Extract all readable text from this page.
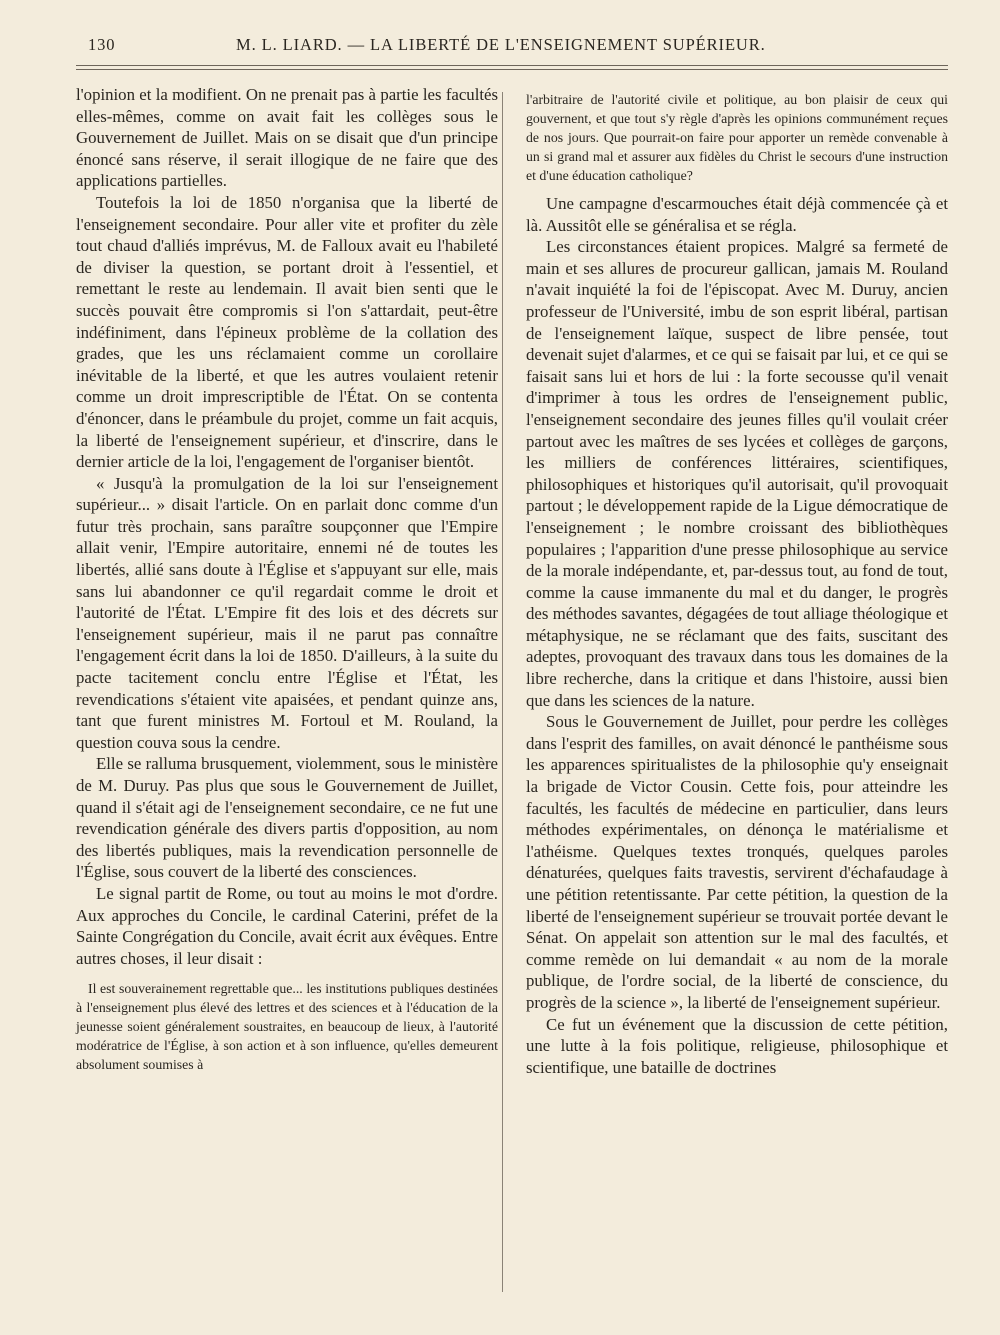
130	M. L. LIARD. — LA LIBERTÉ DE L'ENSEIGNEMENT SUPÉRIEUR.

l'opinion et la modifient. On ne prenait pas à partie les facultés elles-mêmes, comme on avait fait les collèges sous le Gouvernement de Juillet. Mais on se disait que d'un principe énoncé sans réserve, il serait illogique de ne faire que des applications partielles.

Toutefois la loi de 1850 n'organisa que la liberté de l'enseignement secondaire. Pour aller vite et profiter du zèle tout chaud d'alliés imprévus, M. de Falloux avait eu l'habileté de diviser la question, se portant droit à l'essentiel, et remettant le reste au lendemain. Il avait bien senti que le succès pouvait être compromis si l'on s'attardait, peut-être indéfiniment, dans l'épineux problème de la collation des grades, que les uns réclamaient comme un corollaire inévitable de la liberté, et que les autres voulaient retenir comme un droit imprescriptible de l'État. On se contenta d'énoncer, dans le préambule du projet, comme un fait acquis, la liberté de l'enseignement supérieur, et d'inscrire, dans le dernier article de la loi, l'engagement de l'organiser bientôt.

« Jusqu'à la promulgation de la loi sur l'enseignement supérieur... » disait l'article. On en parlait donc comme d'un futur très prochain, sans paraître soupçonner que l'Empire allait venir, l'Empire autoritaire, ennemi né de toutes les libertés, allié sans doute à l'Église et s'appuyant sur elle, mais sans lui abandonner ce qu'il regardait comme le droit et l'autorité de l'État. L'Empire fit des lois et des décrets sur l'enseignement supérieur, mais il ne parut pas connaître l'engagement écrit dans la loi de 1850. D'ailleurs, à la suite du pacte tacitement conclu entre l'Église et l'État, les revendications s'étaient vite apaisées, et pendant quinze ans, tant que furent ministres M. Fortoul et M. Rouland, la question couva sous la cendre.

Elle se ralluma brusquement, violemment, sous le ministère de M. Duruy. Pas plus que sous le Gouvernement de Juillet, quand il s'était agi de l'enseignement secondaire, ce ne fut une revendication générale des divers partis d'opposition, au nom des libertés publiques, mais la revendication personnelle de l'Église, sous couvert de la liberté des consciences.

Le signal partit de Rome, ou tout au moins le mot d'ordre. Aux approches du Concile, le cardinal Caterini, préfet de la Sainte Congrégation du Concile, avait écrit aux évêques. Entre autres choses, il leur disait :

Il est souverainement regrettable que... les institutions publiques destinées à l'enseignement plus élevé des lettres et des sciences et à l'éducation de la jeunesse soient généralement soustraites, en beaucoup de lieux, à l'autorité modératrice de l'Église, à son action et à son influence, qu'elles demeurent absolument soumises à

l'arbitraire de l'autorité civile et politique, au bon plaisir de ceux qui gouvernent, et que tout s'y règle d'après les opinions communément reçues de nos jours. Que pourrait-on faire pour apporter un remède convenable à un si grand mal et assurer aux fidèles du Christ le secours d'une instruction et d'une éducation catholique?

Une campagne d'escarmouches était déjà commencée çà et là. Aussitôt elle se généralisa et se régla.

Les circonstances étaient propices. Malgré sa fermeté de main et ses allures de procureur gallican, jamais M. Rouland n'avait inquiété la foi de l'épiscopat. Avec M. Duruy, ancien professeur de l'Université, imbu de son esprit libéral, partisan de l'enseignement laïque, suspect de libre pensée, tout devenait sujet d'alarmes, et ce qui se faisait par lui, et ce qui se faisait sans lui et hors de lui : la forte secousse qu'il venait d'imprimer à tous les ordres de l'enseignement public, l'enseignement secondaire des jeunes filles qu'il voulait créer partout avec les maîtres de ses lycées et collèges de garçons, les milliers de conférences littéraires, scientifiques, philosophiques et historiques qu'il autorisait, qu'il provoquait partout ; le développement rapide de la Ligue démocratique de l'enseignement ; le nombre croissant des bibliothèques populaires ; l'apparition d'une presse philosophique au service de la morale indépendante, et, par-dessus tout, au fond de tout, comme la cause immanente du mal et du danger, le progrès des méthodes savantes, dégagées de tout alliage théologique et métaphysique, ne se réclamant que des faits, suscitant des adeptes, provoquant des travaux dans tous les domaines de la libre recherche, dans la critique et dans l'histoire, aussi bien que dans les sciences de la nature.

Sous le Gouvernement de Juillet, pour perdre les collèges dans l'esprit des familles, on avait dénoncé le panthéisme sous les apparences spiritualistes de la philosophie qu'y enseignait la brigade de Victor Cousin. Cette fois, pour atteindre les facultés, les facultés de médecine en particulier, dans leurs méthodes expérimentales, on dénonça le matérialisme et l'athéisme. Quelques textes tronqués, quelques paroles dénaturées, quelques faits travestis, servirent d'échafaudage à une pétition retentissante. Par cette pétition, la question de la liberté de l'enseignement supérieur se trouvait portée devant le Sénat. On appelait son attention sur le mal des facultés, et comme remède on lui demandait « au nom de la morale publique, de l'ordre social, de la liberté de conscience, du progrès de la science », la liberté de l'enseignement supérieur.

Ce fut un événement que la discussion de cette pétition, une lutte à la fois politique, religieuse, philosophique et scientifique, une bataille de doctrines
